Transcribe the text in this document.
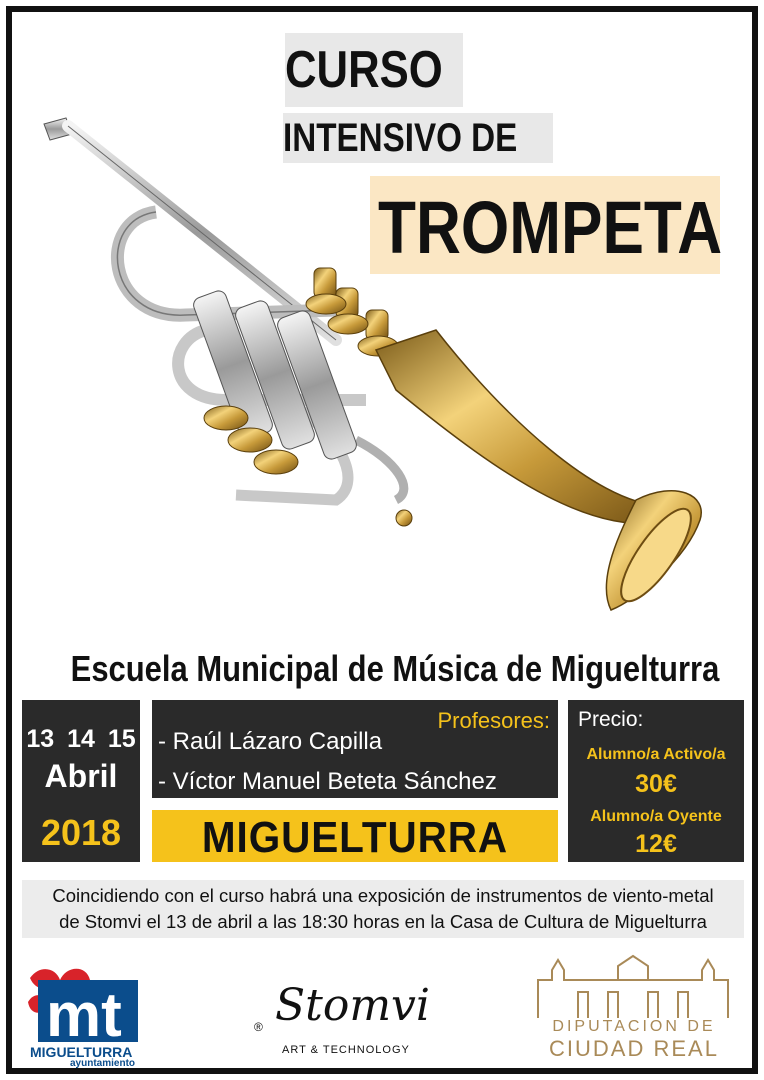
CURSO
INTENSIVO DE
TROMPETA
Escuela Municipal de Música de Miguelturra
13 14 15
Abril
2018
Profesores:
- Raúl Lázaro Capilla
- Víctor Manuel Beteta Sánchez
MIGUELTURRA
Precio:
Alumno/a Activo/a
30€
Alumno/a Oyente
12€
Coincidiendo con el curso habrá una exposición de instrumentos de viento-metal
de Stomvi el 13 de abril a las 18:30 horas en la Casa de Cultura de Miguelturra
mt
MIGUELTURRA
ayuntamiento
Stomvi
®
ART & TECHNOLOGY
DIPUTACION DE
CIUDAD REAL
